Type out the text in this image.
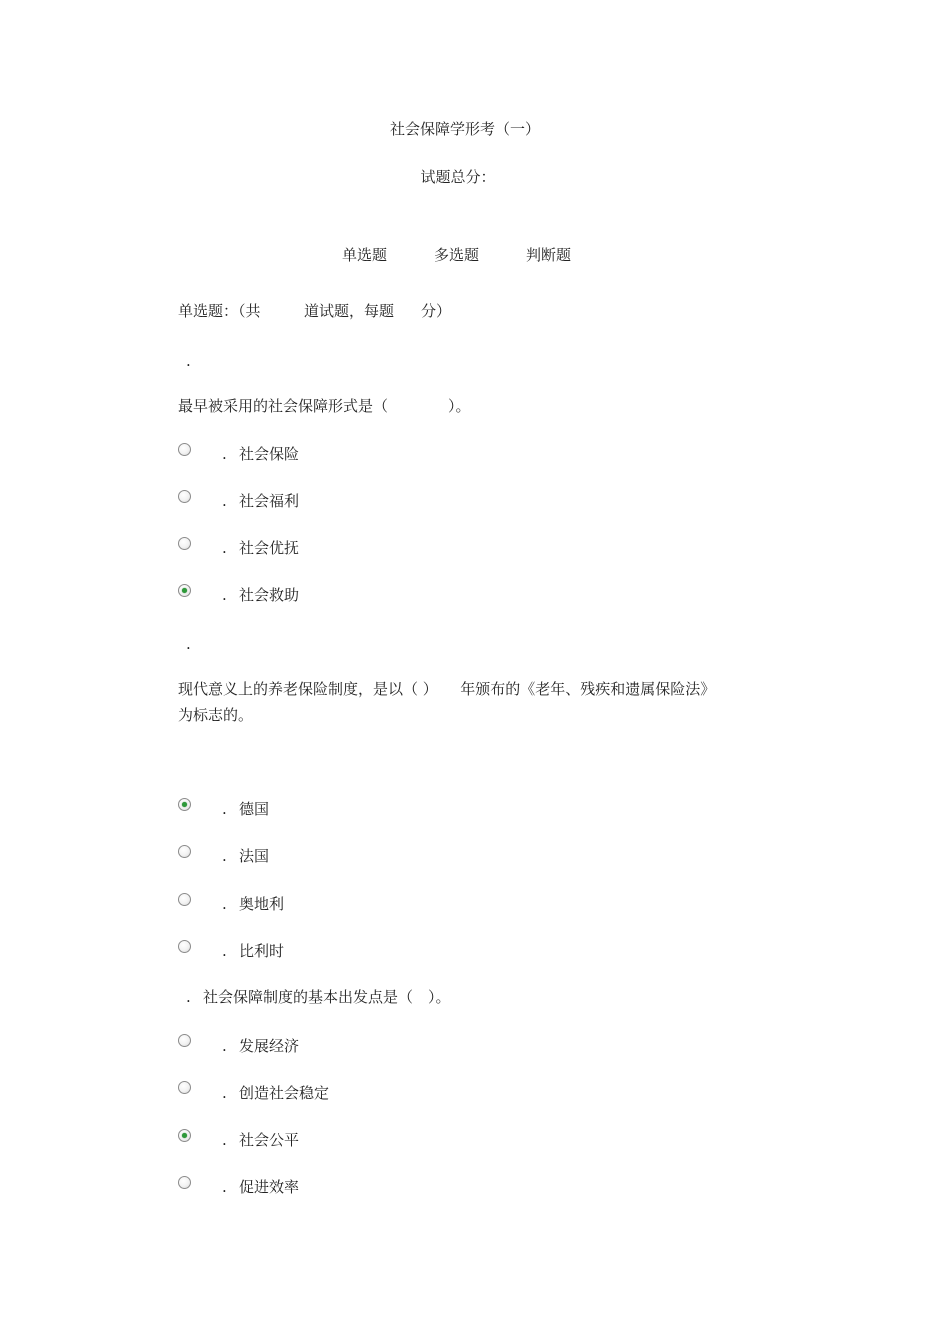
社会保障学形考（一）
试题总分：
单选题	多选题	判断题
单选题：（共	道试题，每题 分）
.
最早被采用的社会保障形式是（　　　　）。
. 社会保险
. 社会福利
. 社会优抚
. 社会救助
.
现代意义上的养老保险制度，是以（ ）　　年颁布的《老年、残疾和遗属保险法》
为标志的。
. 德国
. 法国
. 奥地利
. 比利时
. 社会保障制度的基本出发点是（　）。
. 发展经济
. 创造社会稳定
. 社会公平
. 促进效率
